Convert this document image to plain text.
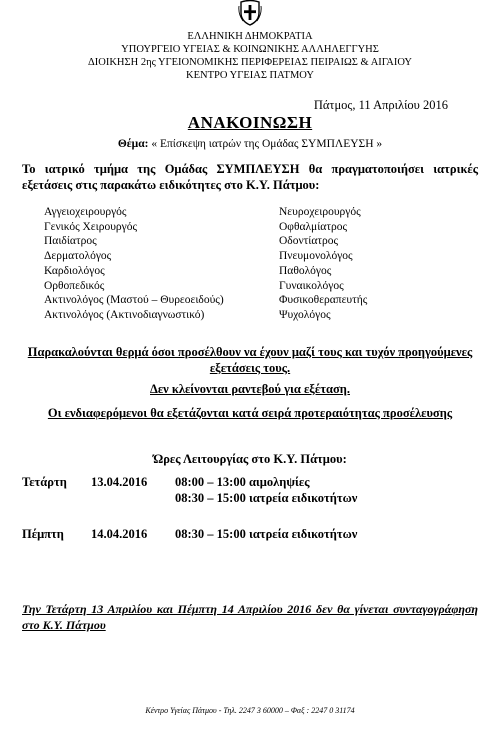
ΕΛΛΗΝΙΚΗ ΔΗΜΟΚΡΑΤΙΑ
ΥΠΟΥΡΓΕΙΟ ΥΓΕΙΑΣ & ΚΟΙΝΩΝΙΚΗΣ ΑΛΛΗΛΕΓΓΥΗΣ
ΔΙΟΙΚΗΣΗ 2ης ΥΓΕΙΟΝΟΜΙΚΗΣ ΠΕΡΙΦΕΡΕΙΑΣ ΠΕΙΡΑΙΩΣ & ΑΙΓΑΙΟΥ
ΚΕΝΤΡΟ ΥΓΕΙΑΣ ΠΑΤΜΟΥ
Πάτμος, 11 Απριλίου 2016
ΑΝΑΚΟΙΝΩΣΗ
Θέμα: « Επίσκεψη ιατρών της Ομάδας ΣΥΜΠΛΕΥΣΗ »
Το ιατρικό τμήμα της Ομάδας ΣΥΜΠΛΕΥΣΗ θα πραγματοποιήσει ιατρικές εξετάσεις στις παρακάτω ειδικότητες στο Κ.Υ. Πάτμου:
Αγγειοχειρουργός
Γενικός Χειρουργός
Παιδίατρος
Δερματολόγος
Καρδιολόγος
Ορθοπεδικός
Ακτινολόγος (Μαστού – Θυρεοειδούς)
Ακτινολόγος (Ακτινοδιαγνωστικό)
Νευροχειρουργός
Οφθαλμίατρος
Οδοντίατρος
Πνευμονολόγος
Παθολόγος
Γυναικολόγος
Φυσικοθεραπευτής
Ψυχολόγος
Παρακαλούνται θερμά όσοι προσέλθουν να έχουν μαζί τους και τυχόν προηγούμενες εξετάσεις τους.
Δεν κλείνονται ραντεβού για εξέταση.
Οι ενδιαφερόμενοι θα εξετάζονται κατά σειρά προτεραιότητας προσέλευσης
Ώρες Λειτουργίας στο Κ.Υ. Πάτμου:
Τετάρτη 13.04.2016 08:00 – 13:00 αιμοληψίες
08:30 – 15:00 ιατρεία ειδικοτήτων
Πέμπτη 14.04.2016 08:30 – 15:00 ιατρεία ειδικοτήτων
Την Τετάρτη 13 Απριλίου και Πέμπτη 14 Απριλίου 2016 δεν θα γίνεται συνταγογράφηση στο Κ.Υ. Πάτμου
Κέντρο Υγείας Πάτμου - Τηλ. 2247 3 60000 – Φαξ : 2247 0 31174
